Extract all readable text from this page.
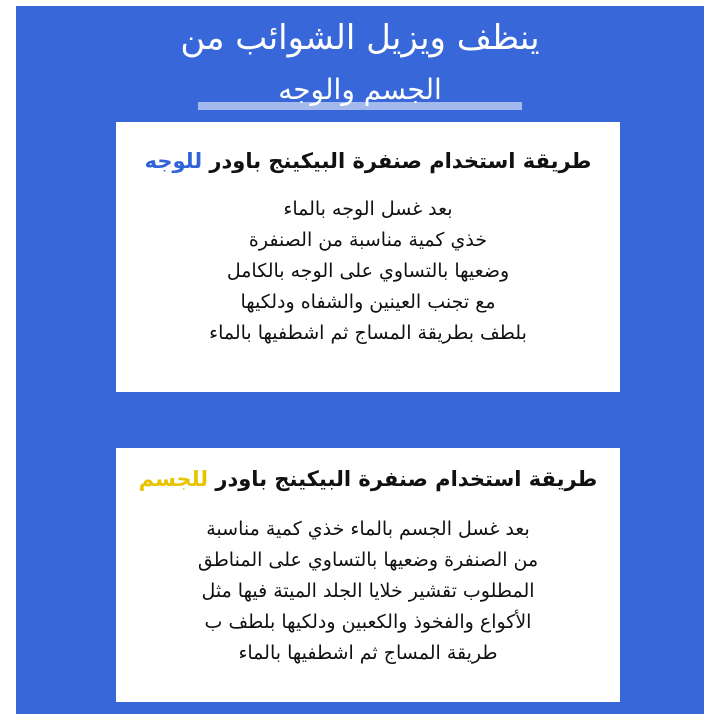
ينظف ويزيل الشوائب من
الجسم والوجه
طريقة استخدام صنفرة البيكينج باودر للوجه
بعد غسل الوجه بالماء
خذي كمية مناسبة من الصنفرة
وضعيها بالتساوي على الوجه بالكامل
مع تجنب العينين والشفاه ودلكيها
بلطف بطريقة المساج ثم اشطفيها بالماء
طريقة استخدام صنفرة البيكينج باودر للجسم
بعد غسل الجسم بالماء خذي كمية مناسبة
من الصنفرة وضعيها بالتساوي على المناطق
المطلوب تقشير خلايا الجلد الميتة فيها مثل
الأكواع والفخوذ والكعبين ودلكيها بلطف ب
طريقة المساج ثم اشطفيها بالماء
